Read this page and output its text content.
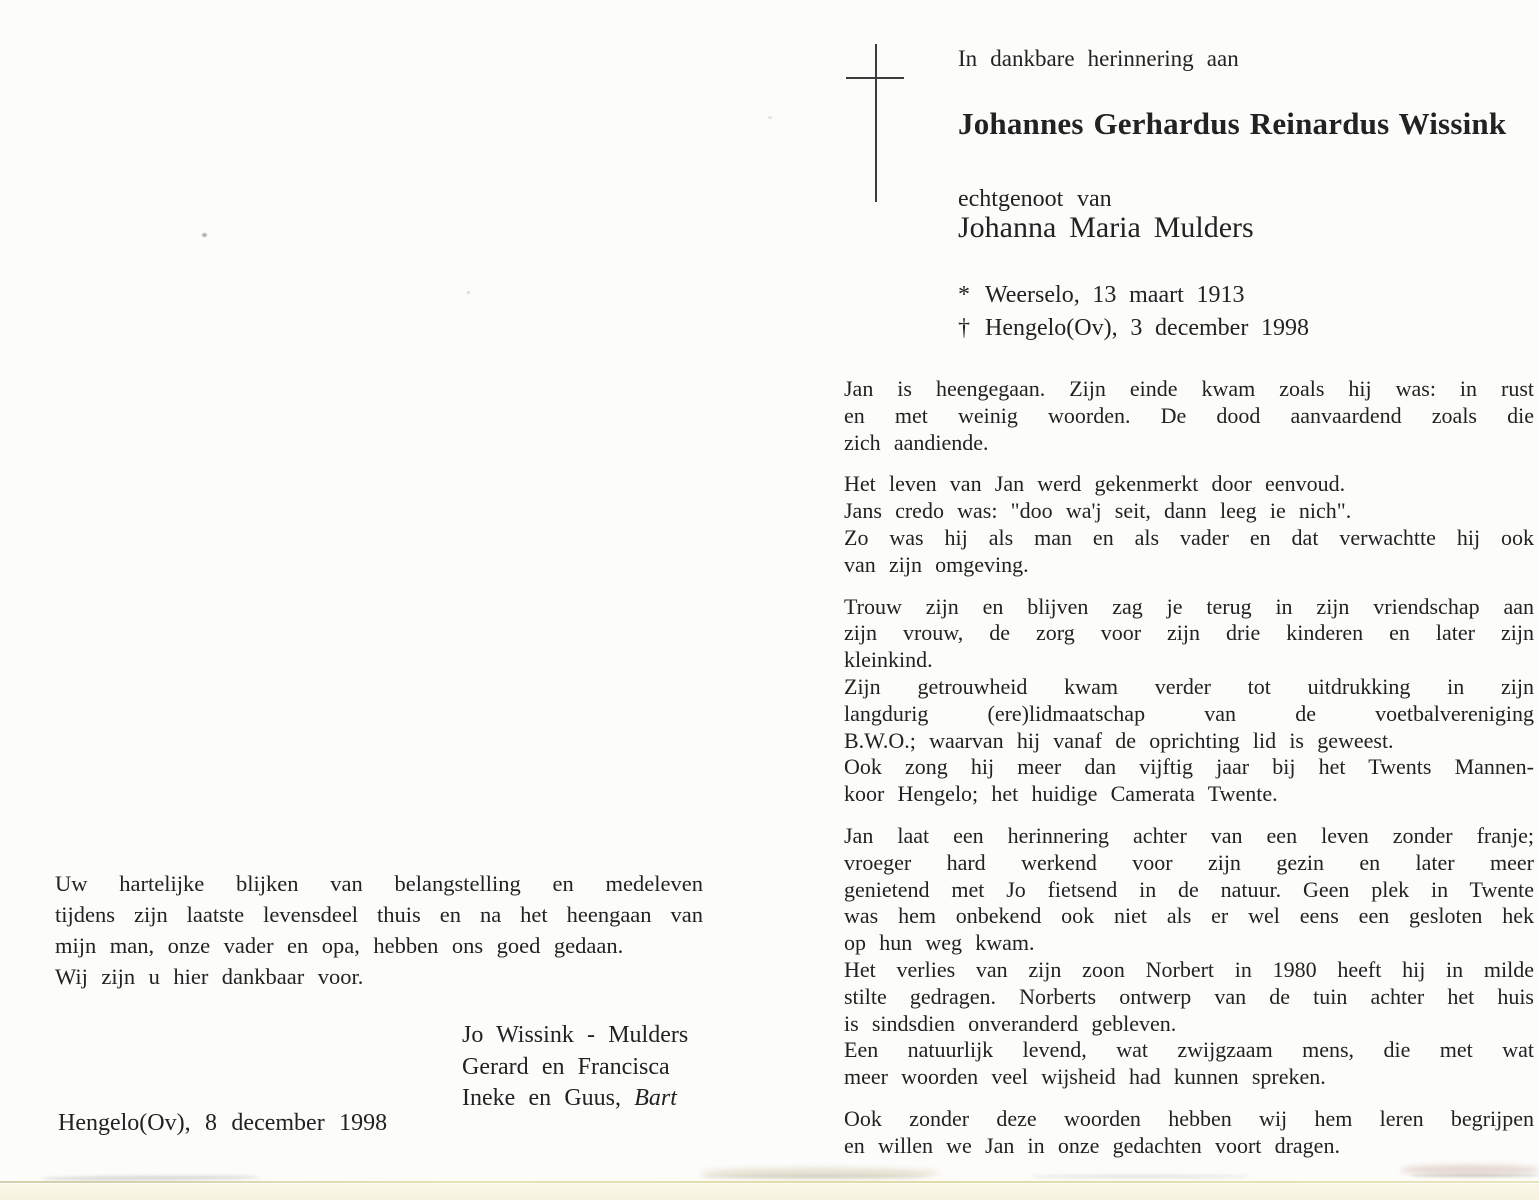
Uw hartelijke blijken van belangstelling en medeleven
tijdens zijn laatste levensdeel thuis en na het heengaan van
mijn man, onze vader en opa, hebben ons goed gedaan.
Wij zijn u hier dankbaar voor.
Jo Wissink - Mulders
Gerard en Francisca
Ineke en Guus, Bart
Hengelo(Ov), 8 december 1998
In dankbare herinnering aan
Johannes Gerhardus Reinardus Wissink
echtgenoot van
Johanna Maria Mulders
* Weerselo, 13 maart 1913
† Hengelo(Ov), 3 december 1998
Jan is heengegaan. Zijn einde kwam zoals hij was: in rust
en met weinig woorden. De dood aanvaardend zoals die
zich aandiende.
Het leven van Jan werd gekenmerkt door eenvoud.
Jans credo was: "doo wa'j seit, dann leeg ie nich".
Zo was hij als man en als vader en dat verwachtte hij ook
van zijn omgeving.
Trouw zijn en blijven zag je terug in zijn vriendschap aan
zijn vrouw, de zorg voor zijn drie kinderen en later zijn
kleinkind.
Zijn getrouwheid kwam verder tot uitdrukking in zijn
langdurig (ere)lidmaatschap van de voetbalvereniging
B.W.O.; waarvan hij vanaf de oprichting lid is geweest.
Ook zong hij meer dan vijftig jaar bij het Twents Mannen-
koor Hengelo; het huidige Camerata Twente.
Jan laat een herinnering achter van een leven zonder franje;
vroeger hard werkend voor zijn gezin en later meer
genietend met Jo fietsend in de natuur. Geen plek in Twente
was hem onbekend ook niet als er wel eens een gesloten hek
op hun weg kwam.
Het verlies van zijn zoon Norbert in 1980 heeft hij in milde
stilte gedragen. Norberts ontwerp van de tuin achter het huis
is sindsdien onveranderd gebleven.
Een natuurlijk levend, wat zwijgzaam mens, die met wat
meer woorden veel wijsheid had kunnen spreken.
Ook zonder deze woorden hebben wij hem leren begrijpen
en willen we Jan in onze gedachten voort dragen.
